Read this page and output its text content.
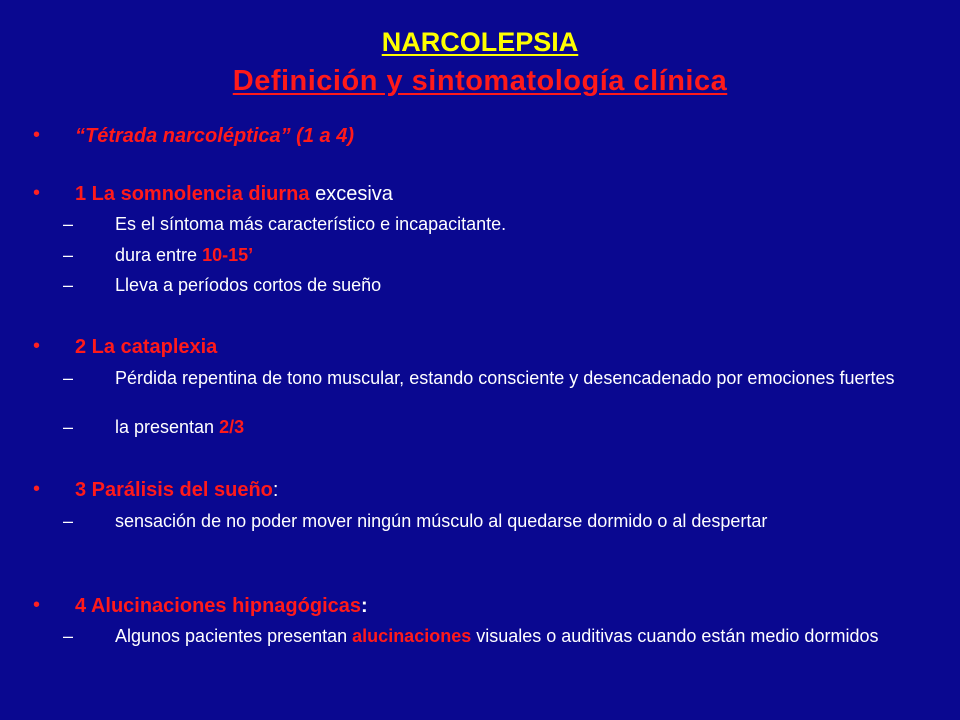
NARCOLEPSIA
Definición y sintomatología clínica
• “Tétrada narcoléptica” (1 a 4)
• 1 La somnolencia diurna excesiva
– Es el síntoma más característico e incapacitante.
– dura entre 10-15’
– Lleva a períodos cortos de sueño
• 2 La cataplexia
– Pérdida repentina de tono muscular, estando consciente y desencadenado por emociones fuertes
– la presentan 2/3
• 3 Parálisis del sueño:
– sensación de no poder mover ningún músculo al quedarse dormido o al despertar
• 4 Alucinaciones hipnagógicas:
– Algunos pacientes presentan alucinaciones visuales o auditivas cuando están medio dormidos
